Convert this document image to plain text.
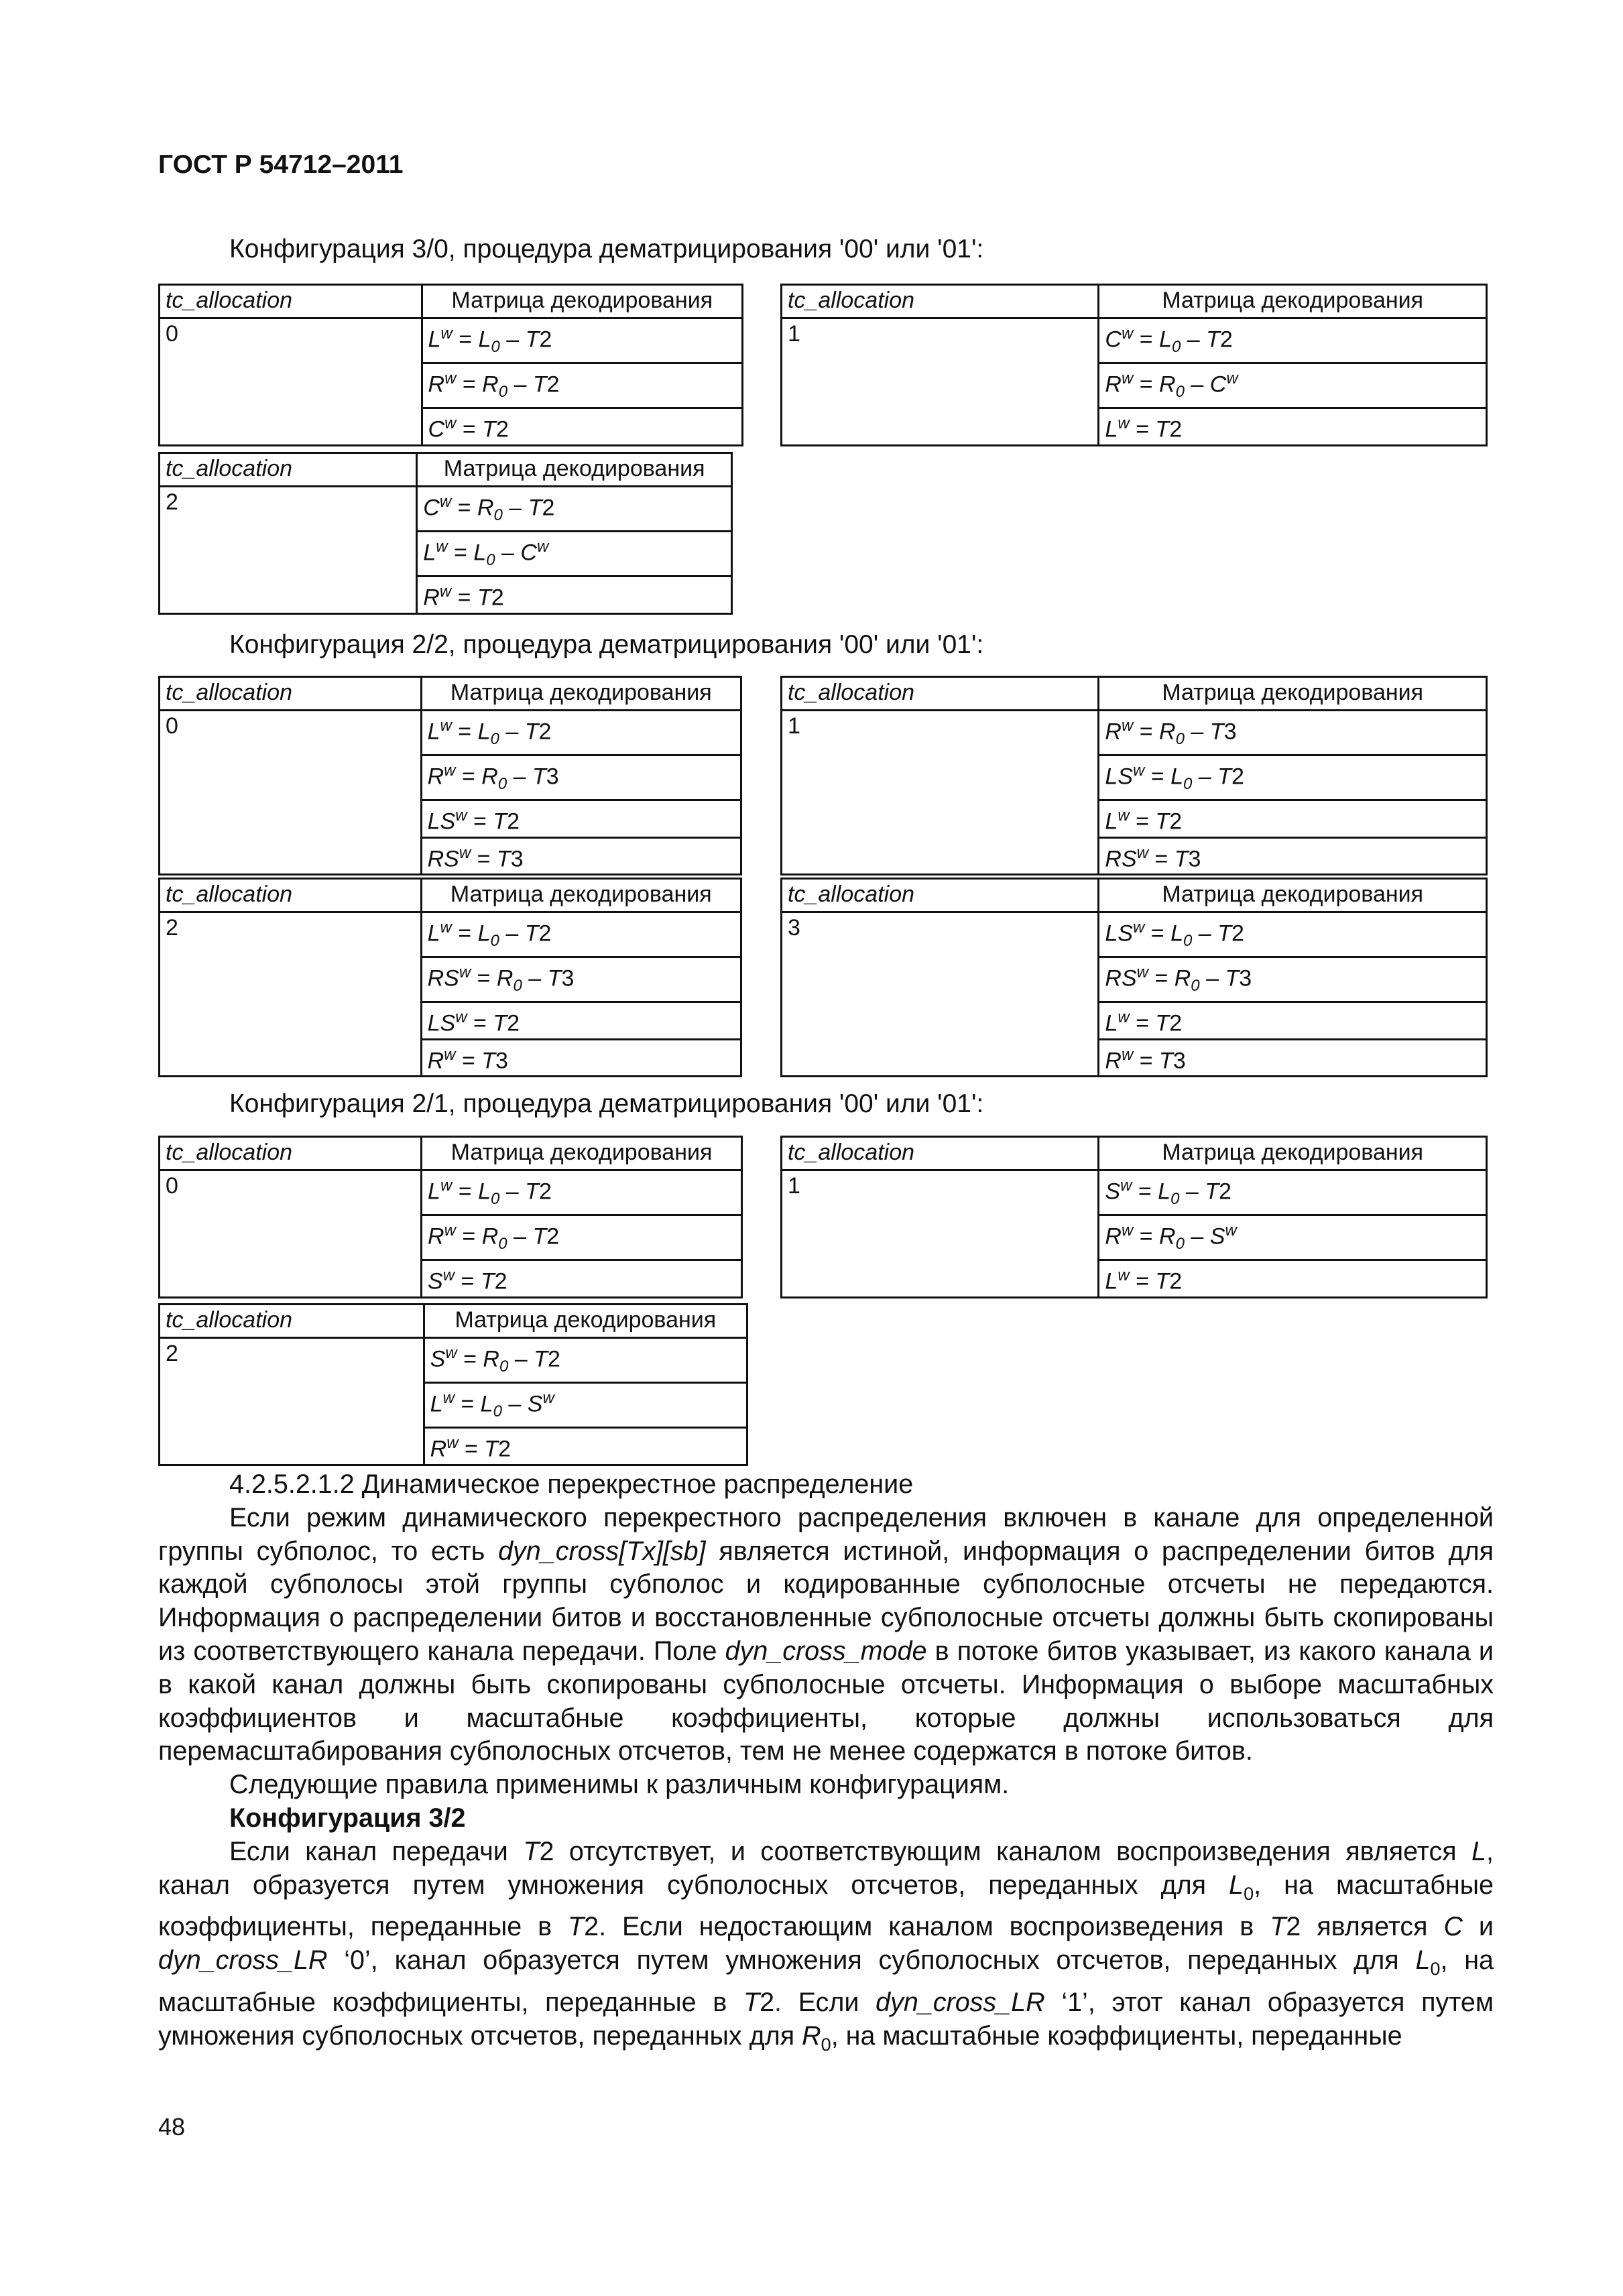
ГОСТ Р 54712–2011
Конфигурация 3/0, процедура дематрицирования '00' или '01':
Конфигурация 2/2, процедура дематрицирования '00' или '01':
Конфигурация 2/1, процедура дематрицирования '00' или '01':
tc_allocation	Матрица декодирования
0	$L^w = L_0 - T2$
	$R^w = R_0 - T2$
	$C^w = T2$
tc_allocation	Матрица декодирования
1	$C^w = L_0 - T2$
	$R^w = R_0 - C^w$
	$L^w = T2$
tc_allocation	Матрица декодирования
2	$C^w = R_0 - T2$
	$L^w = L_0 - C^w$
	$R^w = T2$
tc_allocation	Матрица декодирования
0	$L^w = L_0 - T2$
	$R^w = R_0 - T3$
	$LS^w = T2$
	$RS^w = T3$
tc_allocation	Матрица декодирования
1	$R^w = R_0 - T3$
	$LS^w = L_0 - T2$
	$L^w = T2$
	$RS^w = T3$
tc_allocation	Матрица декодирования
2	$L^w = L_0 - T2$
	$RS^w = R_0 - T3$
	$LS^w = T2$
	$R^w = T3$
tc_allocation	Матрица декодирования
3	$LS^w = L_0 - T2$
	$RS^w = R_0 - T3$
	$L^w = T2$
	$R^w = T3$
tc_allocation	Матрица декодирования
0	$L^w = L_0 - T2$
	$R^w = R_0 - T2$
	$S^w = T2$
tc_allocation	Матрица декодирования
1	$S^w = L_0 - T2$
	$R^w = R_0 - S^w$
	$L^w = T2$
tc_allocation	Матрица декодирования
2	$S^w = R_0 - T2$
	$L^w = L_0 - S^w$
	$R^w = T2$

4.2.5.2.1.2 Динамическое перекрестное распределение

Если режим динамического перекрестного распределения включен в канале для определенной группы субполос, то есть dyn_cross[Tx][sb] является истиной, информация о распределении битов для каждой субполосы этой группы субполос и кодированные субполосные отсчеты не передаются. Информация о распределении битов и восстановленные субполосные отсчеты должны быть скопированы из соответствующего канала передачи. Поле dyn_cross_mode в потоке битов указывает, из какого канала и в какой канал должны быть скопированы субполосные отсчеты. Информация о выборе масштабных коэффициентов и масштабные коэффициенты, которые должны использоваться для перемасштабирования субполосных отсчетов, тем не менее содержатся в потоке битов.

Следующие правила применимы к различным конфигурациям.

Конфигурация 3/2

Если канал передачи T2 отсутствует, и соответствующим каналом воспроизведения является L, канал образуется путем умножения субполосных отсчетов, переданных для $L_0$, на масштабные коэффициенты, переданные в T2. Если недостающим каналом воспроизведения в T2 является C и dyn_cross_LR ‘0’, канал образуется путем умножения субполосных отсчетов, переданных для $L_0$, на масштабные коэффициенты, переданные в T2. Если dyn_cross_LR ‘1’, этот канал образуется путем умножения субполосных отсчетов, переданных для $R_0$, на масштабные коэффициенты, переданные

48
